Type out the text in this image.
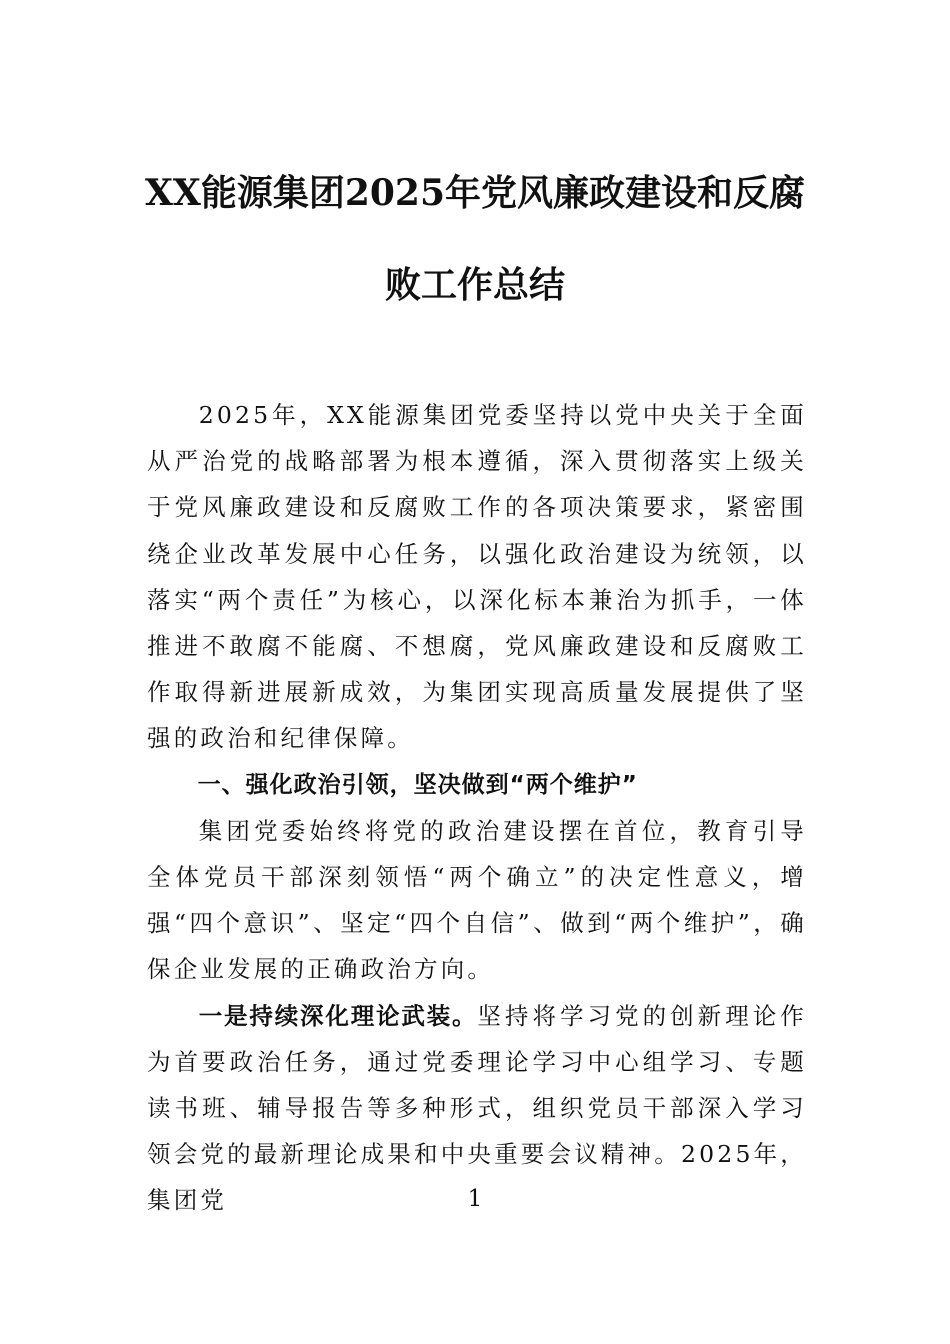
XX能源集团2025年党风廉政建设和反腐
败工作总结

2025年，XX能源集团党委坚持以党中央关于全面从严治党的战略部署为根本遵循，深入贯彻落实上级关于党风廉政建设和反腐败工作的各项决策要求，紧密围绕企业改革发展中心任务，以强化政治建设为统领，以落实“两个责任”为核心，以深化标本兼治为抓手，一体推进不敢腐不能腐、不想腐，党风廉政建设和反腐败工作取得新进展新成效，为集团实现高质量发展提供了坚强的政治和纪律保障。

一、强化政治引领，坚决做到“两个维护”

集团党委始终将党的政治建设摆在首位，教育引导全体党员干部深刻领悟“两个确立”的决定性意义，增强“四个意识”、坚定“四个自信”、做到“两个维护”，确保企业发展的正确政治方向。

一是持续深化理论武装。坚持将学习党的创新理论作为首要政治任务，通过党委理论学习中心组学习、专题读书班、辅导报告等多种形式，组织党员干部深入学习领会党的最新理论成果和中央重要会议精神。2025年，集团党	1
